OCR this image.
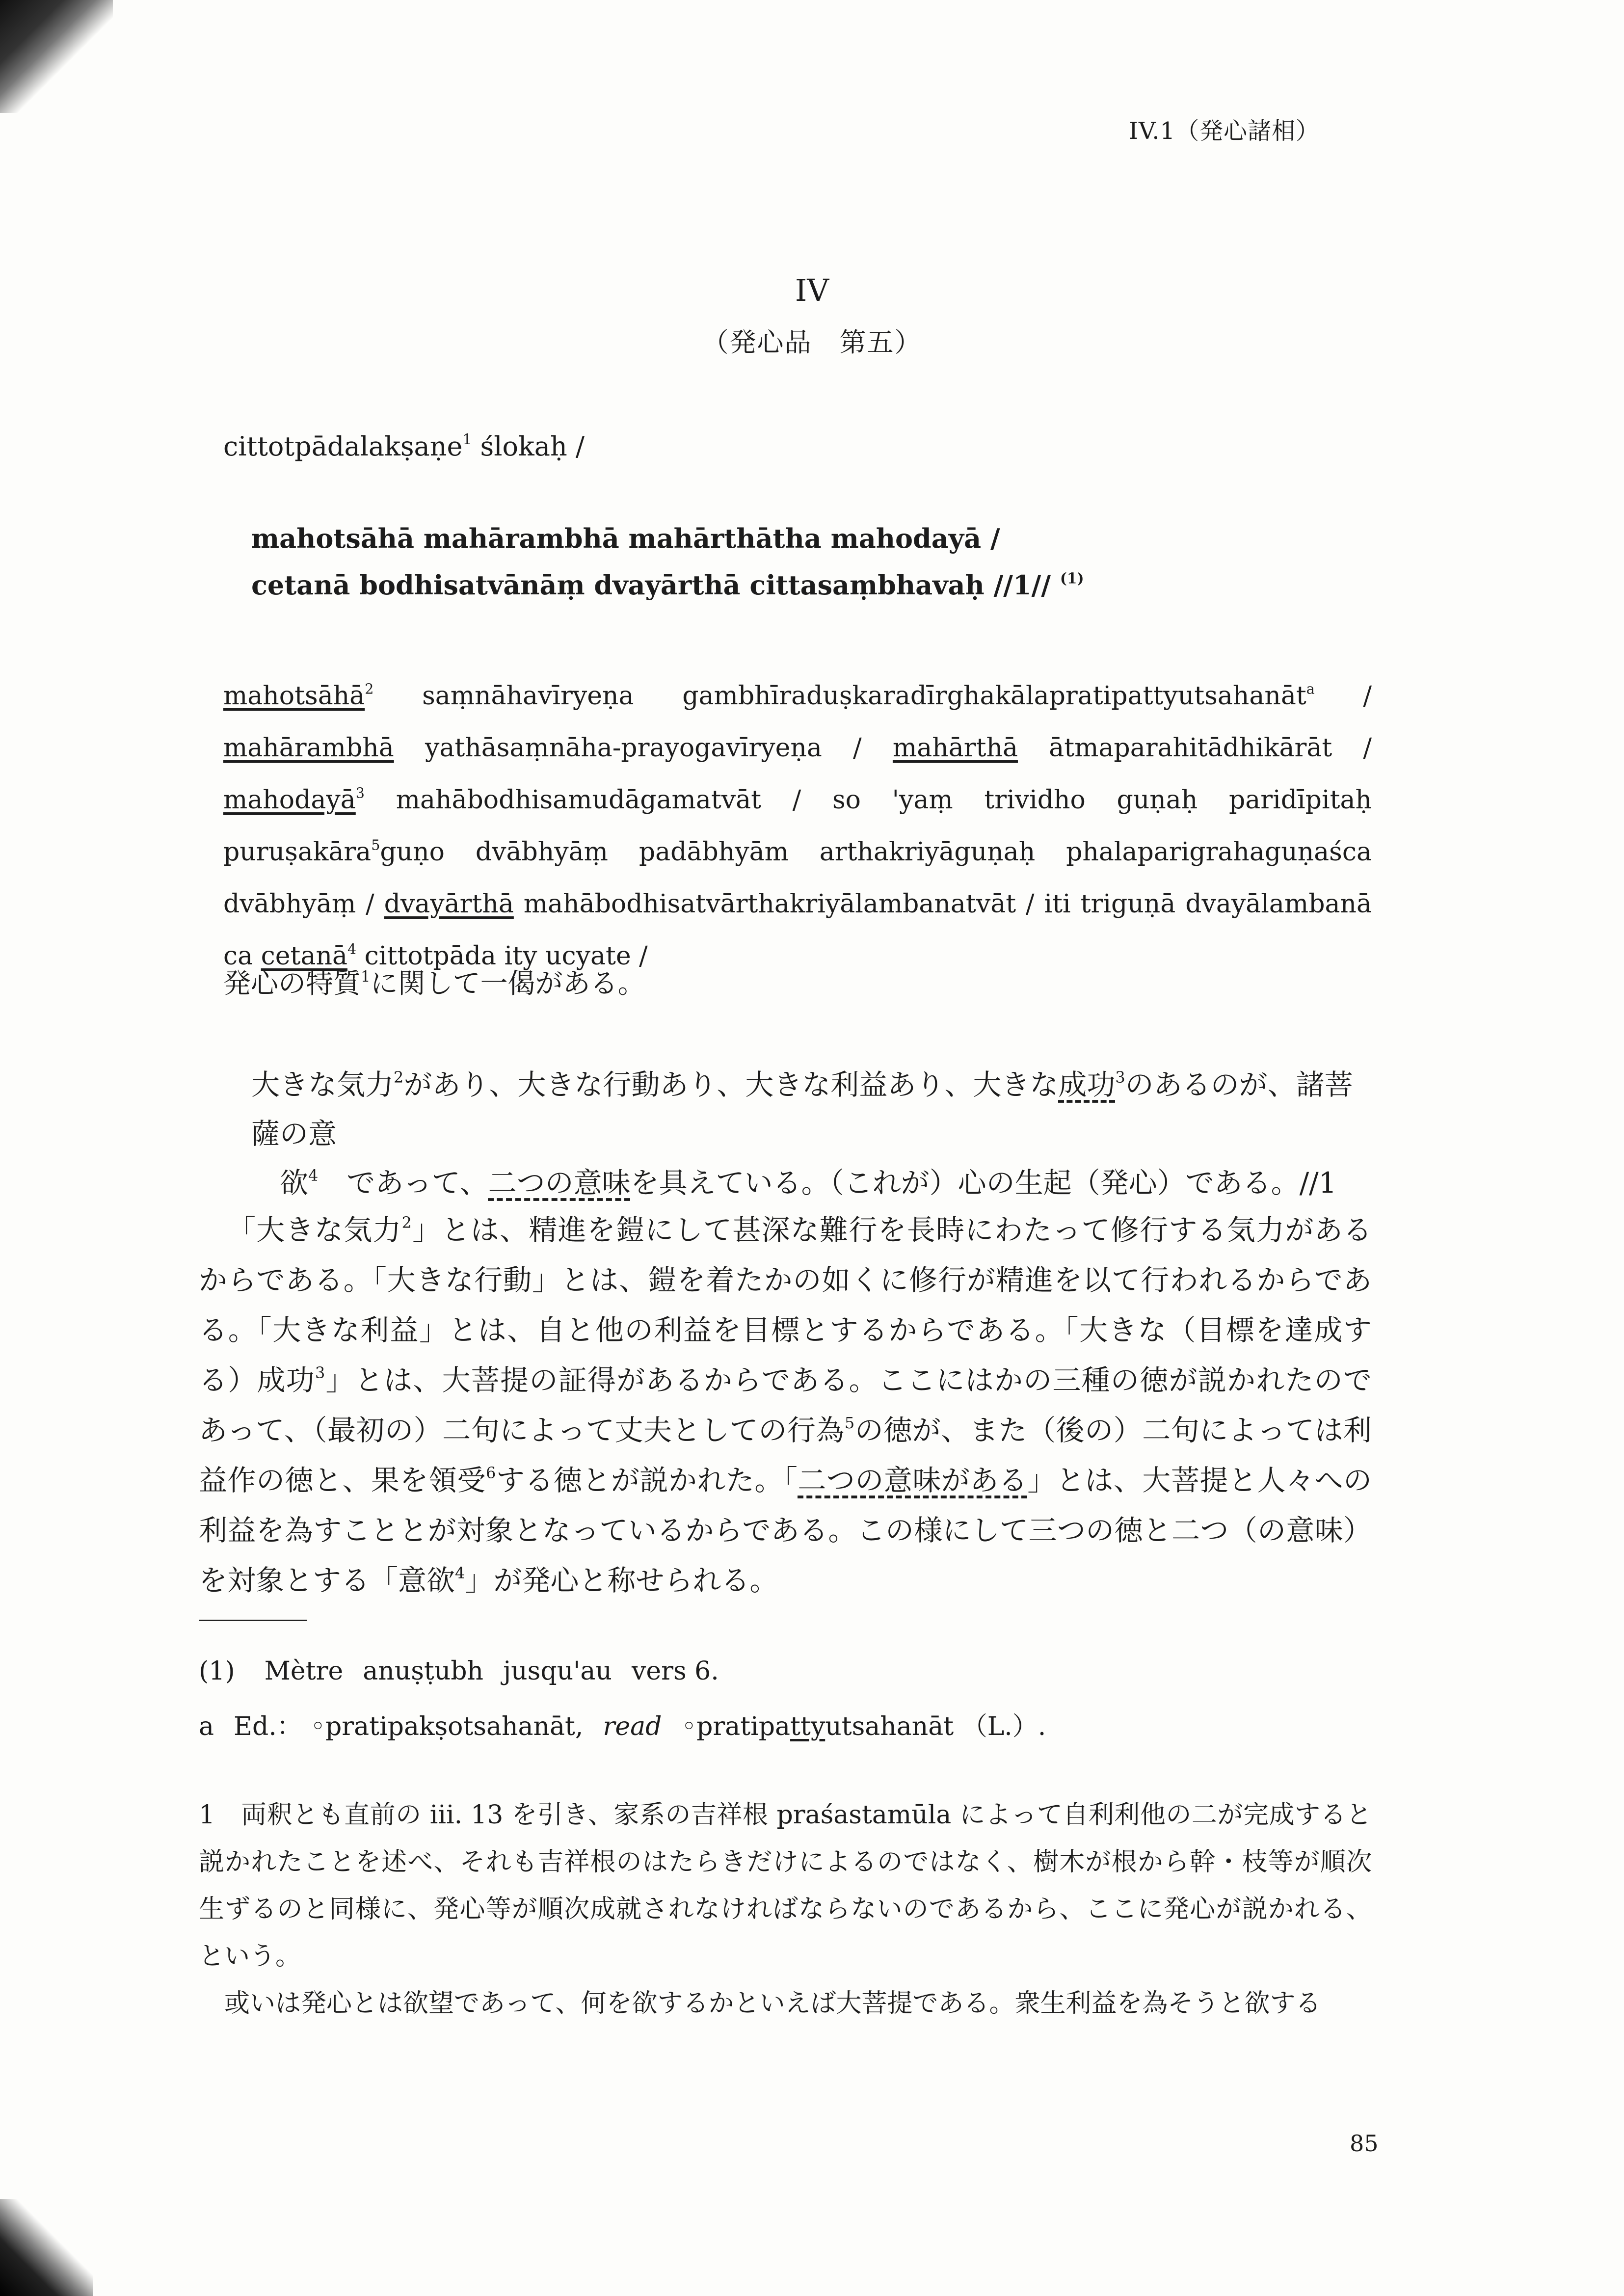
IV.1（発心諸相）
IV
（発心品　第五）
cittotpādalakṣaṇe$^1$ ślokaḥ /
mahotsāhā mahārambhā mahārthātha mahodayā /
cetanā bodhisatvānāṃ dvayārthā cittasaṃbhavaḥ //1// $^{(1)}$
mahotsāhā$^2$ saṃnāhavīryeṇa gambhīraduṣkaradīrghakālapratipattyutsahanāt$^a$ / mahārambhā yathāsaṃnāha-prayogavīryeṇa / mahārthā ātmaparahitādhikārāt / mahodayā$^3$ mahābodhisamudāgamatvāt / so 'yaṃ trividho guṇaḥ paridīpitaḥ puruṣakāra$^5$guṇo dvābhyāṃ padābhyām arthakriyāguṇaḥ phalaparigrahaguṇaśca dvābhyāṃ / dvayārthā mahābodhisatvārthakriyālambanatvāt / iti triguṇā dvayālambanā ca cetanā$^4$ cittotpāda ity ucyate /
発心の特質$^1$に関して一偈がある。
大きな気力$^2$があり、大きな行動あり、大きな利益あり、大きな成功$^3$のあるのが、諸菩薩の意
欲$^4$　であって、二つの意味を具えている。（これが）心の生起（発心）である。//1
「大きな気力$^2$」とは、精進を鎧にして甚深な難行を長時にわたって修行する気力があるからである。「大きな行動」とは、鎧を着たかの如くに修行が精進を以て行われるからである。「大きな利益」とは、自と他の利益を目標とするからである。「大きな（目標を達成する）成功$^3$」とは、大菩提の証得があるからである。ここにはかの三種の徳が説かれたのであって、（最初の）二句によって丈夫としての行為$^5$の徳が、また（後の）二句によっては利益作の徳と、果を領受$^6$する徳とが説かれた。「二つの意味がある」とは、大菩提と人々への利益を為すこととが対象となっているからである。この様にして三つの徳と二つ（の意味）を対象とする「意欲$^4$」が発心と称せられる。
(1) Mètre anuṣṭubh jusqu'au vers 6.
a Ed.： ◦pratipakṣotsahanāt, read ◦pratipattyutsahanāt （L.）.
1　両釈とも直前の iii. 13 を引き、家系の吉祥根 praśastamūla によって自利利他の二が完成すると説かれたことを述べ、それも吉祥根のはたらきだけによるのではなく、樹木が根から幹・枝等が順次生ずるのと同様に、発心等が順次成就されなければならないのであるから、ここに発心が説かれる、という。
　或いは発心とは欲望であって、何を欲するかといえば大菩提である。衆生利益を為そうと欲する
85
